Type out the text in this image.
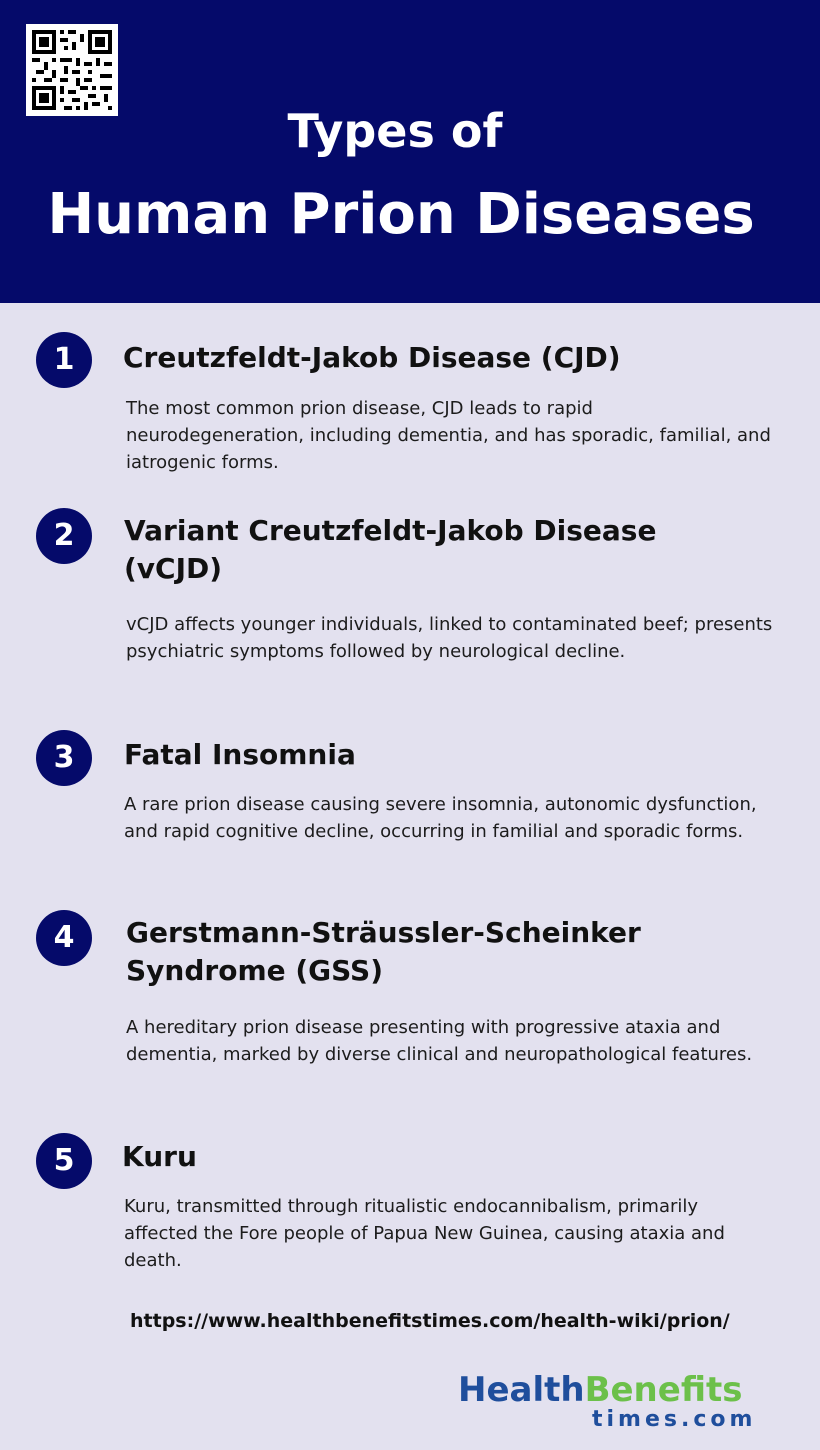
Types of
Human Prion Diseases
1	Creutzfeldt-Jakob Disease (CJD)
The most common prion disease, CJD leads to rapid neurodegeneration, including dementia, and has sporadic, familial, and iatrogenic forms.
2	Variant Creutzfeldt-Jakob Disease (vCJD)
vCJD affects younger individuals, linked to contaminated beef; presents psychiatric symptoms followed by neurological decline.
3	Fatal Insomnia
A rare prion disease causing severe insomnia, autonomic dysfunction, and rapid cognitive decline, occurring in familial and sporadic forms.
4	Gerstmann-Sträussler-Scheinker Syndrome (GSS)
A hereditary prion disease presenting with progressive ataxia and dementia, marked by diverse clinical and neuropathological features.
5	Kuru
Kuru, transmitted through ritualistic endocannibalism, primarily affected the Fore people of Papua New Guinea, causing ataxia and death.
https://www.healthbenefitstimes.com/health-wiki/prion/
HealthBenefits
times.com
